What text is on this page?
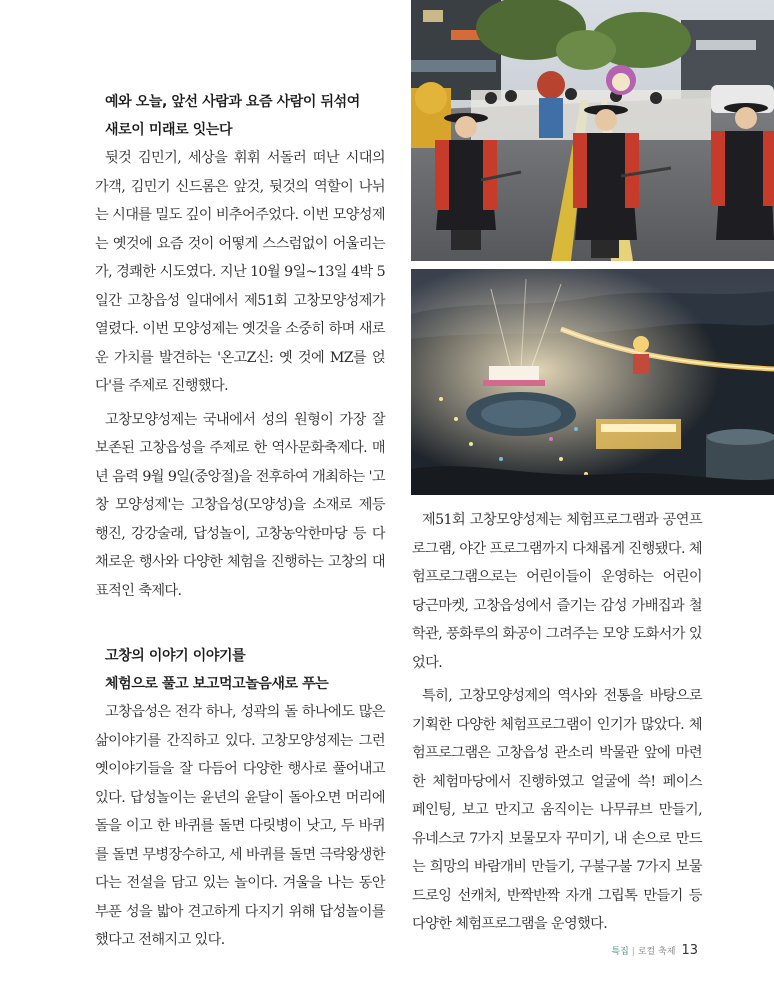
예와 오늘, 앞선 사람과 요즘 사람이 뒤섞여
새로이 미래로 잇는다

뒷것 김민기, 세상을 휘휘 서돌러 떠난 시대의 가객, 김민기 신드롬은 앞것, 뒷것의 역할이 나뉘는 시대를 밀도 깊이 비추어주었다. 이번 모양성제는 옛것에 요즘 것이 어떻게 스스럼없이 어울리는가, 경쾌한 시도였다. 지난 10월 9일~13일 4박 5일간 고창읍성 일대에서 제51회 고창모양성제가 열렸다. 이번 모양성제는 옛것을 소중히 하며 새로운 가치를 발견하는 '온고Z신: 옛 것에 MZ를 얹다'를 주제로 진행했다.

고창모양성제는 국내에서 성의 원형이 가장 잘 보존된 고창읍성을 주제로 한 역사문화축제다. 매년 음력 9월 9일(중앙절)을 전후하여 개최하는 '고창 모양성제'는 고창읍성(모양성)을 소재로 제등행진, 강강술래, 답성놀이, 고창농악한마당 등 다채로운 행사와 다양한 체험을 진행하는 고창의 대표적인 축제다.

고창의 이야기 이야기를
체험으로 풀고 보고먹고놀음새로 푸는

고창읍성은 전각 하나, 성곽의 돌 하나에도 많은 삶이야기를 간직하고 있다. 고창모양성제는 그런 옛이야기들을 잘 다듬어 다양한 행사로 풀어내고 있다. 답성놀이는 윤년의 윤달이 돌아오면 머리에 돌을 이고 한 바퀴를 돌면 다릿병이 낫고, 두 바퀴를 돌면 무병장수하고, 세 바퀴를 돌면 극락왕생한다는 전설을 담고 있는 놀이다. 겨울을 나는 동안 부푼 성을 밟아 견고하게 다지기 위해 답성놀이를 했다고 전해지고 있다.

제51회 고창모양성제는 체험프로그램과 공연프로그램, 야간 프로그램까지 다채롭게 진행됐다. 체험프로그램으로는 어린이들이 운영하는 어린이 당근마켓, 고창읍성에서 즐기는 감성 가배집과 철학관, 풍화루의 화공이 그려주는 모양 도화서가 있었다.

특히, 고창모양성제의 역사와 전통을 바탕으로 기획한 다양한 체험프로그램이 인기가 많았다. 체험프로그램은 고창읍성 관소리 박물관 앞에 마련한 체험마당에서 진행하였고 얼굴에 쓱! 페이스 페인팅, 보고 만지고 움직이는 나무큐브 만들기, 유네스코 7가지 보물모자 꾸미기, 내 손으로 만드는 희망의 바람개비 만들기, 구불구불 7가지 보물 드로잉 선캐처, 반짝반짝 자개 그립톡 만들기 등 다양한 체험프로그램을 운영했다.

특집 | 로컬 축제 13
